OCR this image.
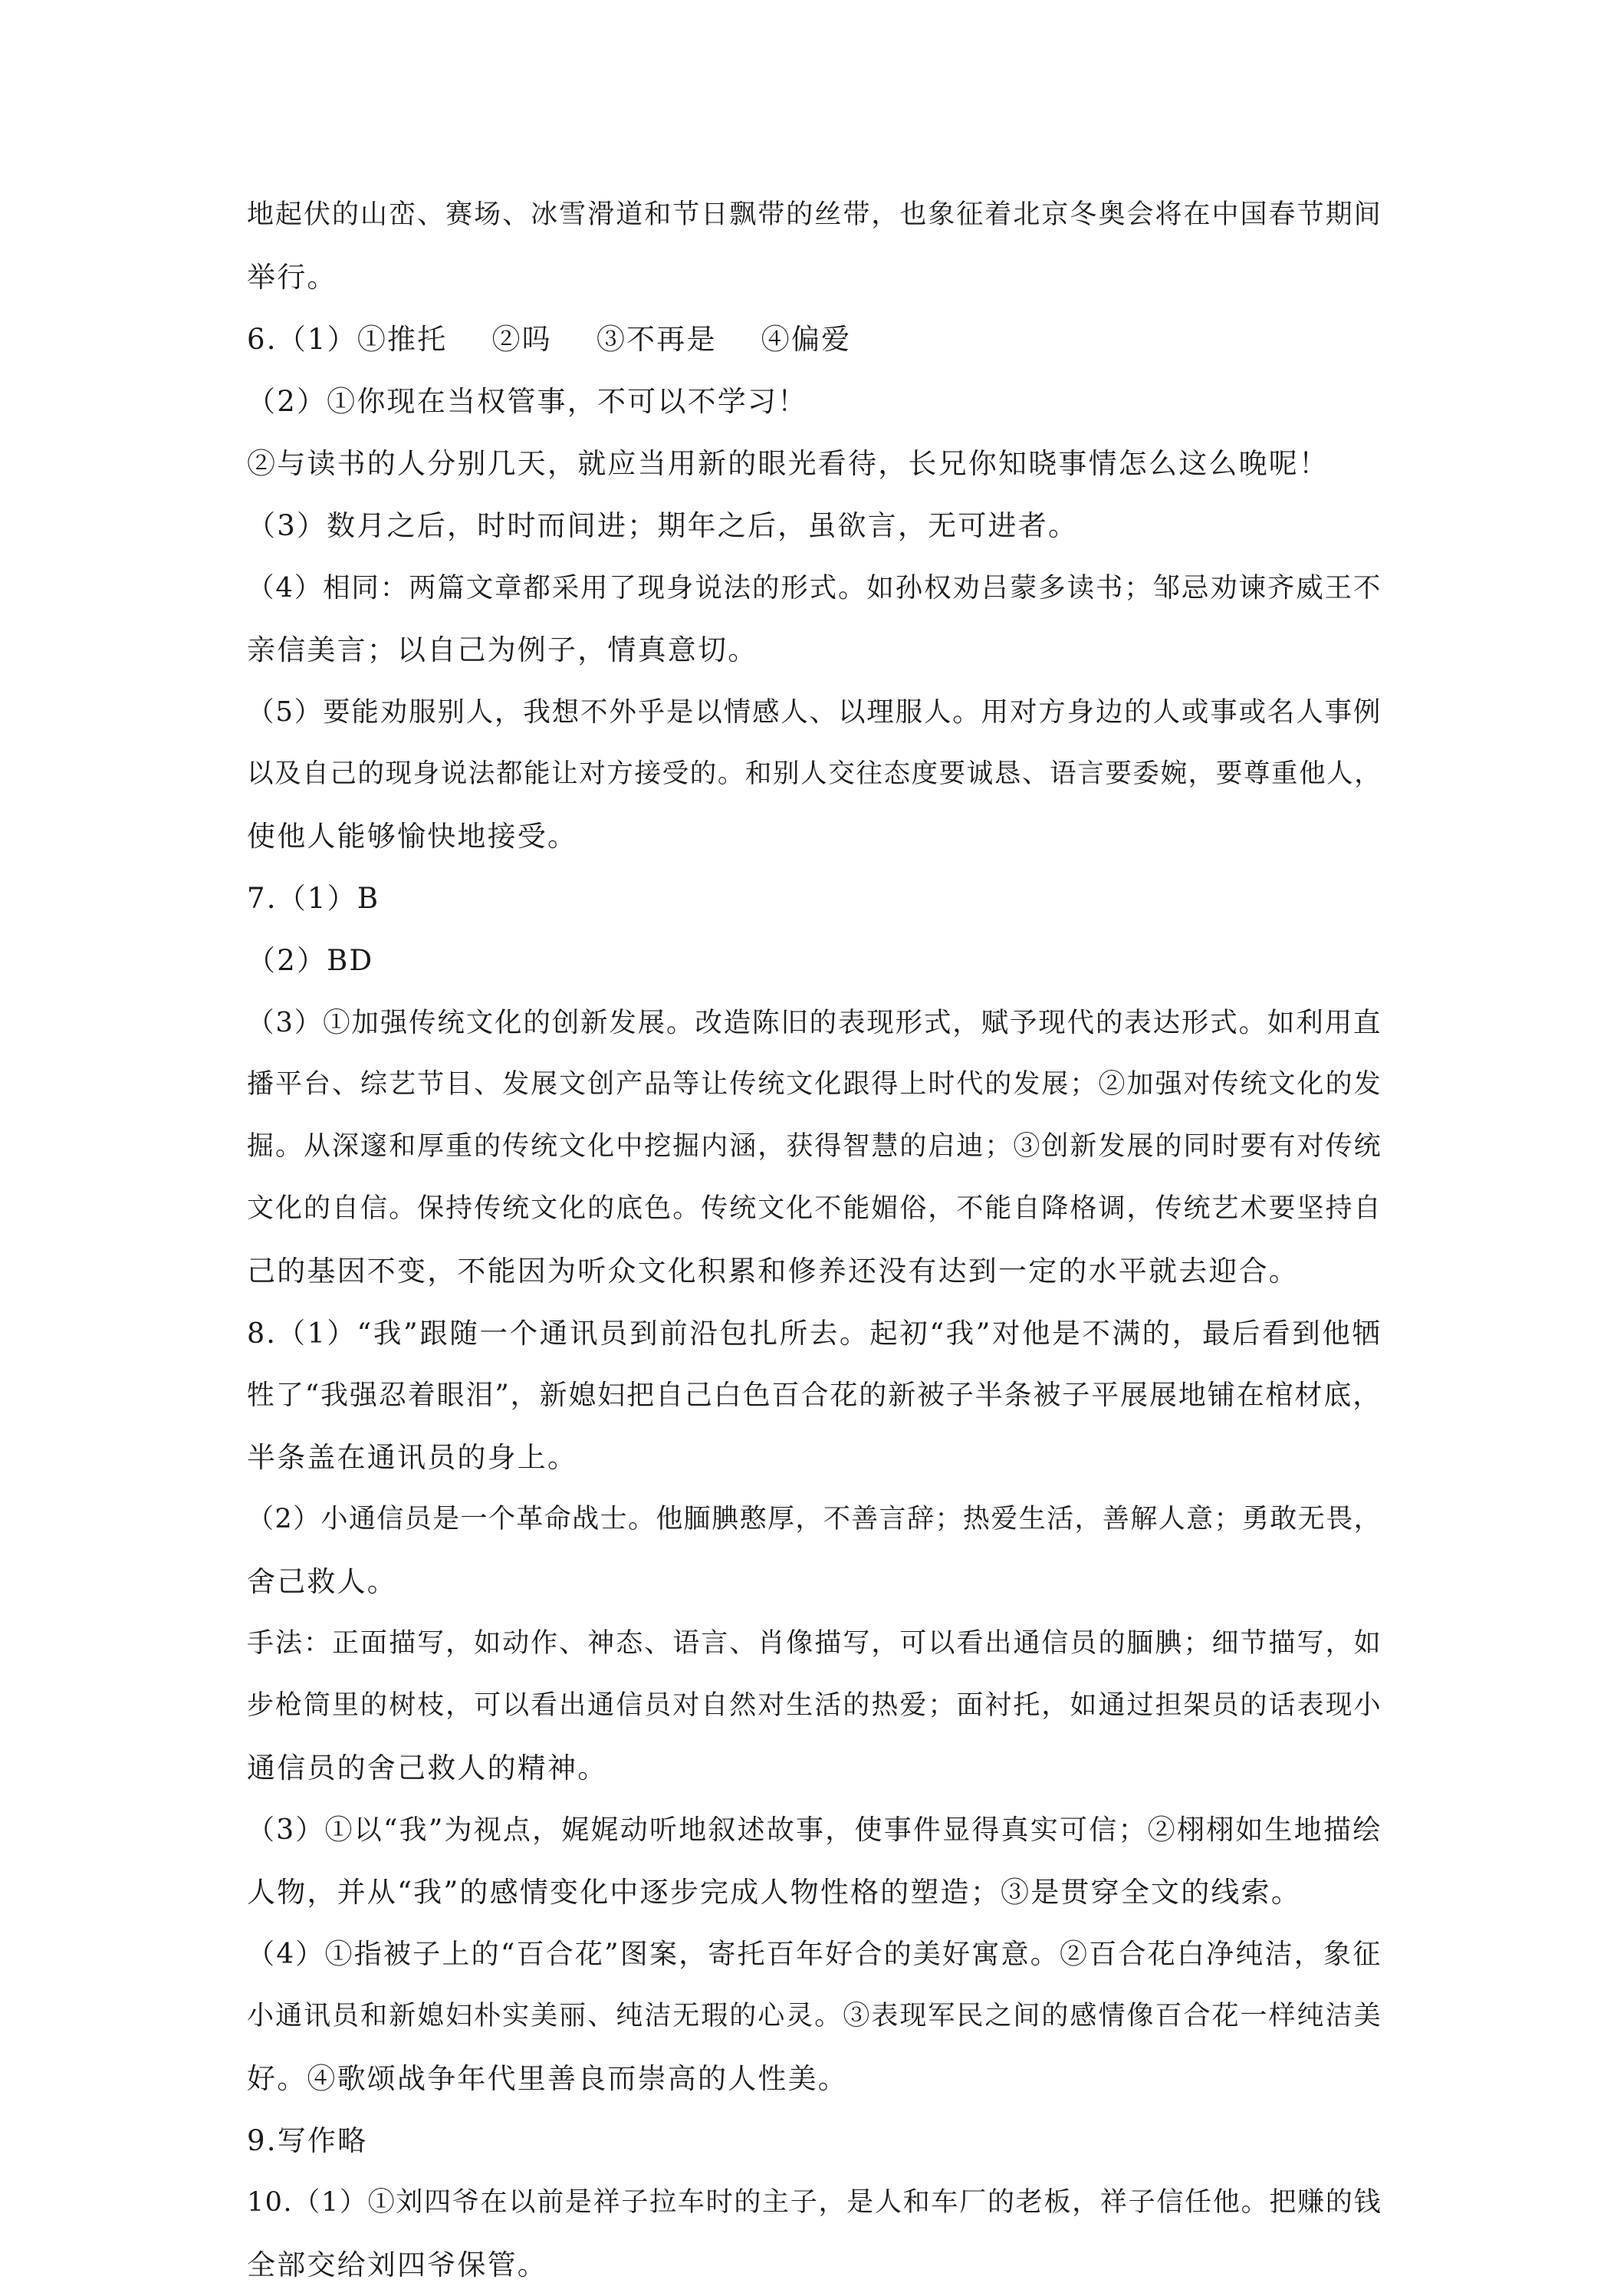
地起伏的山峦、赛场、冰雪滑道和节日飘带的丝带，也象征着北京冬奥会将在中国春节期间
举行。
6.（1）①推托 ②吗 ③不再是 ④偏爱
（2）①你现在当权管事，不可以不学习！
②与读书的人分别几天，就应当用新的眼光看待，长兄你知晓事情怎么这么晚呢！
（3）数月之后，时时而间进；期年之后，虽欲言，无可进者。
（4）相同：两篇文章都采用了现身说法的形式。如孙权劝吕蒙多读书；邹忌劝谏齐威王不
亲信美言；以自己为例子，情真意切。
（5）要能劝服别人，我想不外乎是以情感人、以理服人。用对方身边的人或事或名人事例
以及自己的现身说法都能让对方接受的。和别人交往态度要诚恳、语言要委婉，要尊重他人，
使他人能够愉快地接受。
7.（1）B
（2）BD
（3）①加强传统文化的创新发展。改造陈旧的表现形式，赋予现代的表达形式。如利用直
播平台、综艺节目、发展文创产品等让传统文化跟得上时代的发展；②加强对传统文化的发
掘。从深邃和厚重的传统文化中挖掘内涵，获得智慧的启迪；③创新发展的同时要有对传统
文化的自信。保持传统文化的底色。传统文化不能媚俗，不能自降格调，传统艺术要坚持自
己的基因不变，不能因为听众文化积累和修养还没有达到一定的水平就去迎合。
8.（1）“我”跟随一个通讯员到前沿包扎所去。起初“我”对他是不满的，最后看到他牺
牲了“我强忍着眼泪”，新媳妇把自己白色百合花的新被子半条被子平展展地铺在棺材底，
半条盖在通讯员的身上。
（2）小通信员是一个革命战士。他腼腆憨厚，不善言辞；热爱生活，善解人意；勇敢无畏，
舍己救人。
手法：正面描写，如动作、神态、语言、肖像描写，可以看出通信员的腼腆；细节描写，如
步枪筒里的树枝，可以看出通信员对自然对生活的热爱；面衬托，如通过担架员的话表现小
通信员的舍己救人的精神。
（3）①以“我”为视点，娓娓动听地叙述故事，使事件显得真实可信；②栩栩如生地描绘
人物，并从“我”的感情变化中逐步完成人物性格的塑造；③是贯穿全文的线索。
（4）①指被子上的“百合花”图案，寄托百年好合的美好寓意。②百合花白净纯洁，象征
小通讯员和新媳妇朴实美丽、纯洁无瑕的心灵。③表现军民之间的感情像百合花一样纯洁美
好。④歌颂战争年代里善良而崇高的人性美。
9.写作略
10.（1）①刘四爷在以前是祥子拉车时的主子，是人和车厂的老板，祥子信任他。把赚的钱
全部交给刘四爷保管。
